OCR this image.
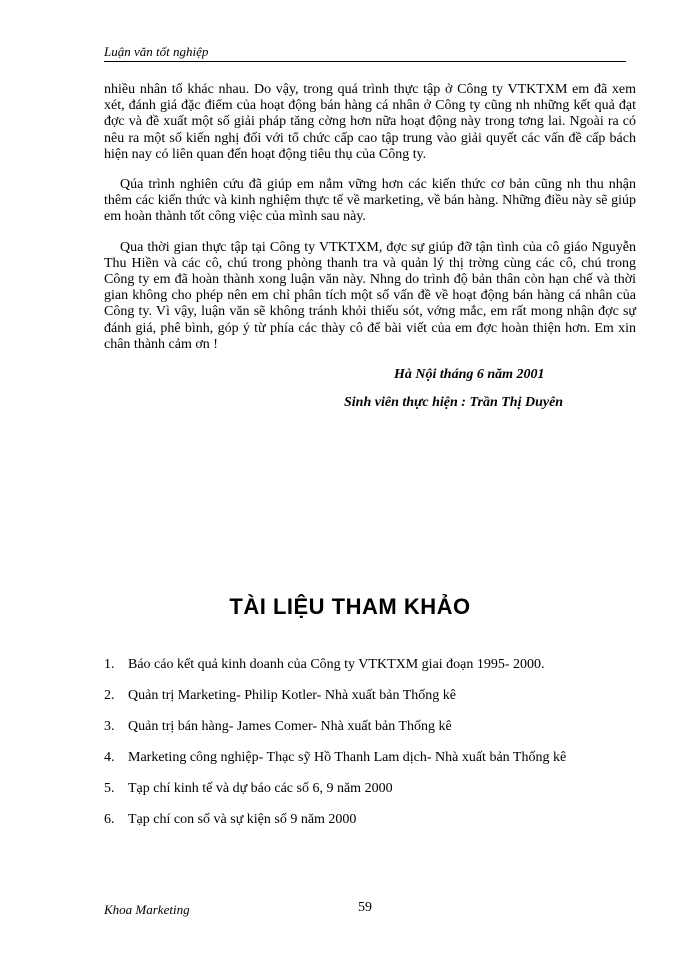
Luận văn tốt nghiệp

nhiều nhân tố khác nhau. Do vậy, trong quá trình thực tập ở Công ty VTKTXM em đã xem xét, đánh giá đặc điểm của hoạt động bán hàng cá nhân ở Công ty cũng nh những kết quả đạt đợc và đề xuất một số giải pháp tăng cờng hơn nữa hoạt động này trong tơng lai. Ngoài ra có nêu ra một số kiến nghị đối với tổ chức cấp cao tập trung vào giải quyết các vấn đề cấp bách hiện nay có liên quan đến hoạt động tiêu thụ của Công ty.

Qúa trình nghiên cứu đã giúp em nắm vững hơn các kiến thức cơ bản cũng nh thu nhận thêm các kiến thức và kinh nghiệm thực tế về marketing, về bán hàng. Những điều này sẽ giúp em hoàn thành tốt công việc của mình sau này.

Qua thời gian thực tập tại Công ty VTKTXM, đợc sự giúp đỡ tận tình của cô giáo Nguyễn Thu Hiền và các cô, chú trong phòng thanh tra và quản lý thị trờng cùng các cô, chú trong Công ty em đã hoàn thành xong luận văn này. Nhng do trình độ bản thân còn hạn chế và thời gian không cho phép nên em chỉ phân tích một số vấn đề về hoạt động bán hàng cá nhân của Công ty. Vì vậy, luận văn sẽ không tránh khỏi thiếu sót, vớng mắc, em rất mong nhận đợc sự đánh giá, phê bình, góp ý từ phía các thày cô để bài viết của em đợc hoàn thiện hơn. Em xin chân thành cảm ơn !

Hà Nội tháng 6 năm 2001
Sinh viên thực hiện : Trần Thị Duyên
TÀI LIỆU THAM KHẢO
1. Báo cáo kết quả kinh doanh của Công ty VTKTXM giai đoạn 1995- 2000.
2. Quản trị Marketing- Philip Kotler- Nhà xuất bản Thống kê
3. Quản trị bán hàng- James Comer- Nhà xuất bản Thống kê
4. Marketing công nghiệp- Thạc sỹ Hồ Thanh Lam dịch- Nhà xuất bản Thống kê
5. Tạp chí kinh tế và dự báo các số 6, 9 năm 2000
6. Tạp chí con số và sự kiện số 9 năm 2000
Khoa Marketing	59
